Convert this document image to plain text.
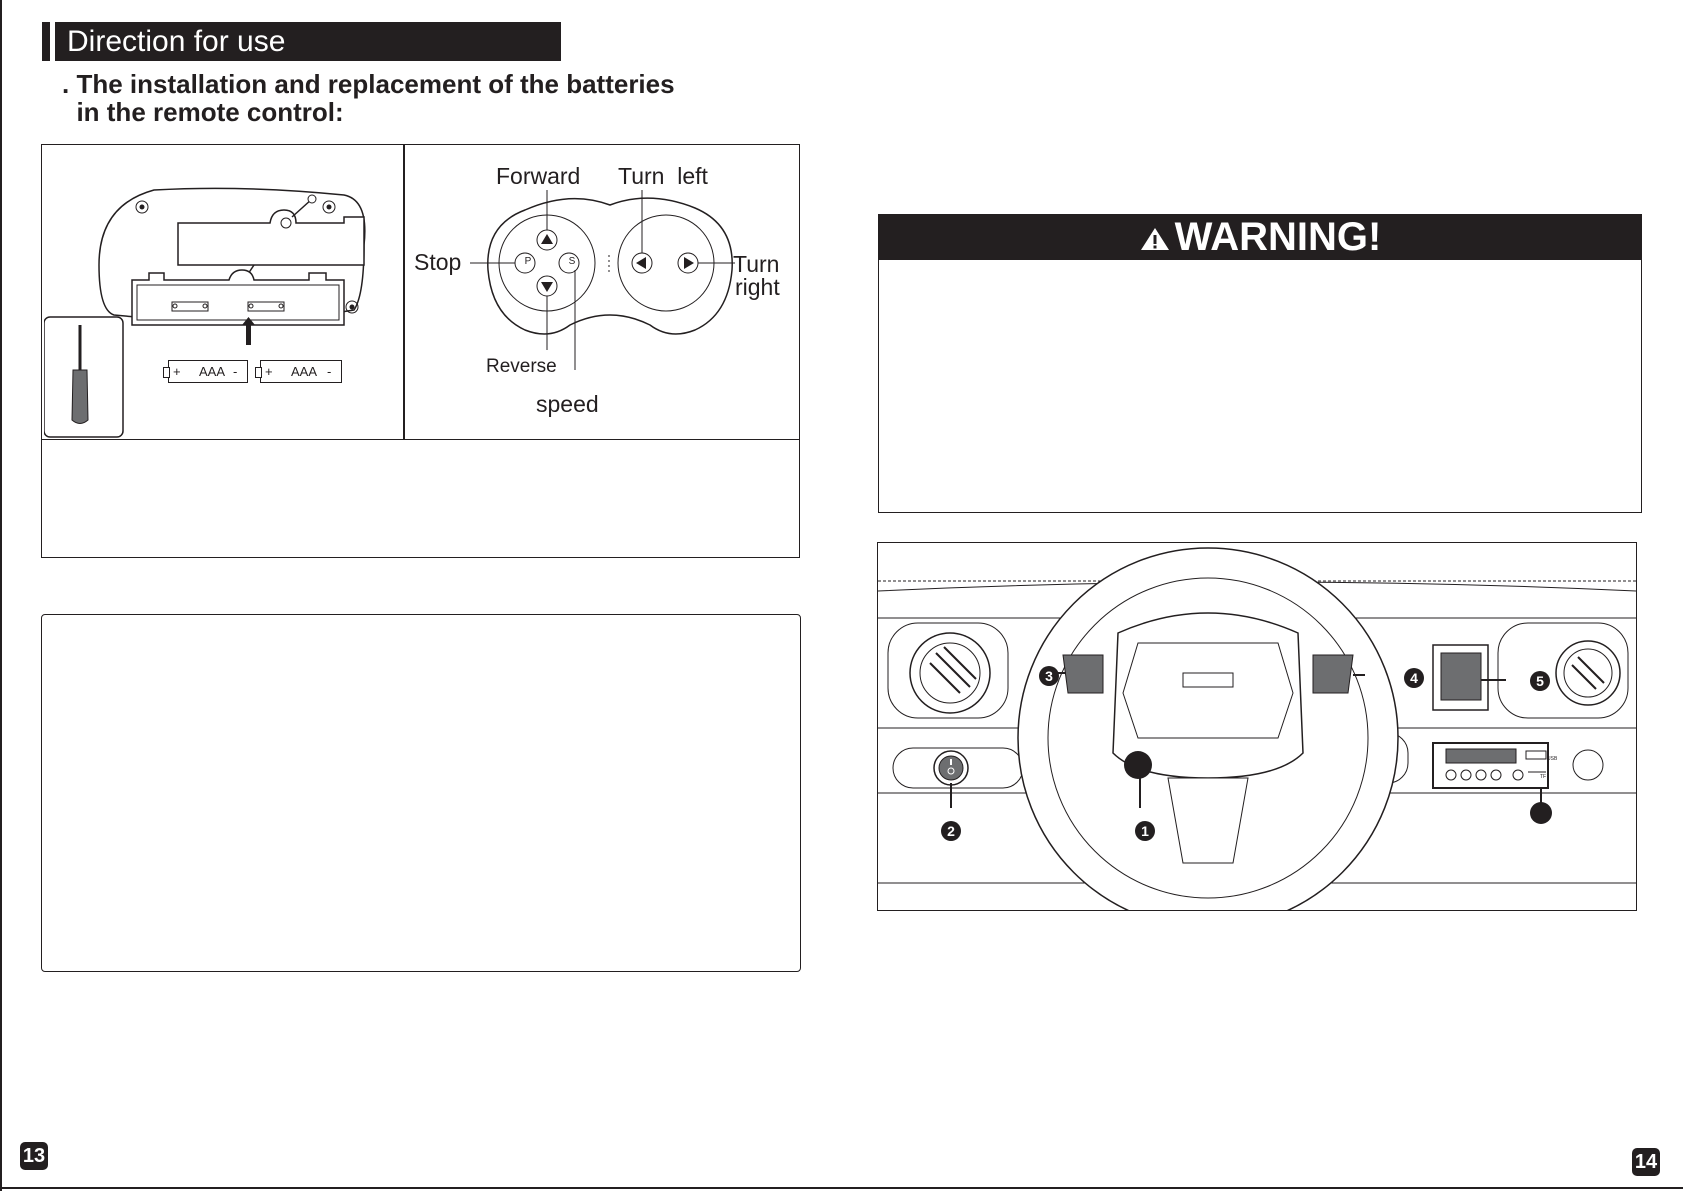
Direction for use
. The installation and replacement of the batteries
in the remote control:
+ AAA - + AAA -
P	S
Forward Turn  left
Stop	Turn
right
Reverse
speed
WARNING!
1
2
3	4	5
USB
TF
13	14
